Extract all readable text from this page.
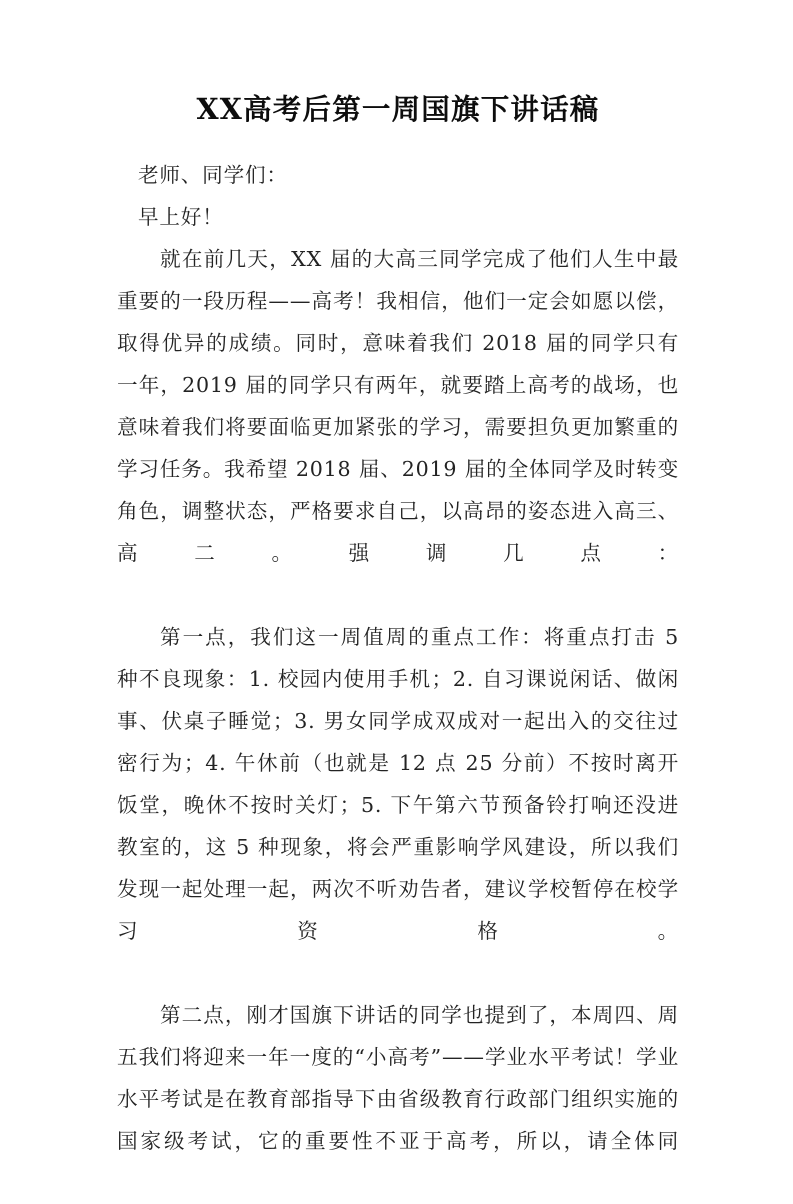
XX高考后第一周国旗下讲话稿

老师、同学们：

早上好！

就在前几天，XX 届的大高三同学完成了他们人生中最重要的一段历程——高考！我相信，他们一定会如愿以偿，取得优异的成绩。同时，意味着我们 2018 届的同学只有一年，2019 届的同学只有两年，就要踏上高考的战场，也意味着我们将要面临更加紧张的学习，需要担负更加繁重的学习任务。我希望 2018 届、2019 届的全体同学及时转变角色，调整状态，严格要求自己，以高昂的姿态进入高三、高二。强调几点：

第一点，我们这一周值周的重点工作：将重点打击 5 种不良现象：1. 校园内使用手机；2. 自习课说闲话、做闲事、伏桌子睡觉；3. 男女同学成双成对一起出入的交往过密行为；4. 午休前（也就是 12 点 25 分前）不按时离开饭堂，晚休不按时关灯；5. 下午第六节预备铃打响还没进教室的，这 5 种现象，将会严重影响学风建设，所以我们发现一起处理一起，两次不听劝告者，建议学校暂停在校学习资格。

第二点，刚才国旗下讲话的同学也提到了，本周四、周五我们将迎来一年一度的“小高考”——学业水平考试！学业水平考试是在教育部指导下由省级教育行政部门组织实施的国家级考试，它的重要性不亚于高考，所以，请全体同
